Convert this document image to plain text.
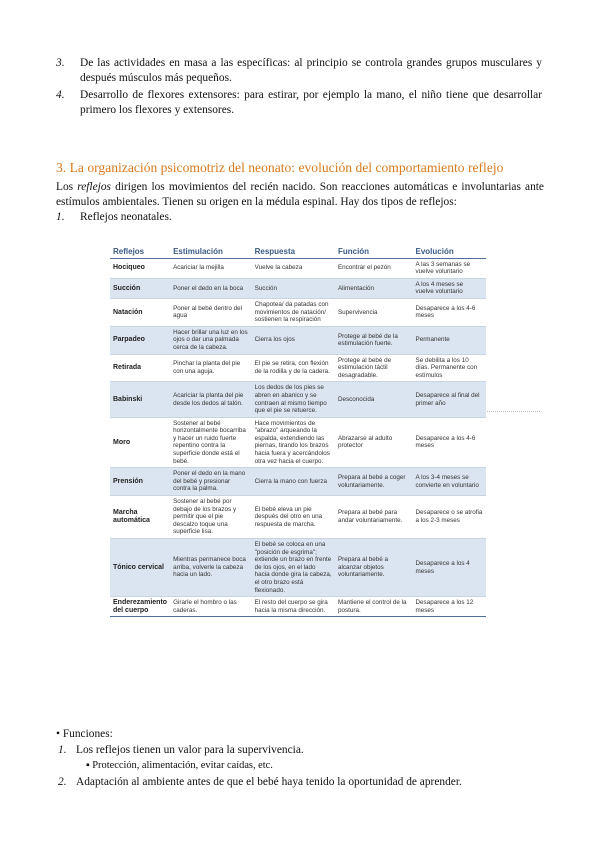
3. De las actividades en masa a las específicas: al principio se controla grandes grupos musculares y después músculos más pequeños.
4. Desarrollo de flexores extensores: para estirar, por ejemplo la mano, el niño tiene que desarrollar primero los flexores y extensores.
3. La organización psicomotriz del neonato: evolución del comportamiento reflejo
Los reflejos dirigen los movimientos del recién nacido. Son reacciones automáticas e involuntarias ante estímulos ambientales. Tienen su origen en la médula espinal. Hay dos tipos de reflejos:
1. Reflejos neonatales.
Reflejos	Estimulación	Respuesta	Función	Evolución
Hociqueo	Acariciar la mejilla	Vuelve la cabeza	Encontrar el pezón	A las 3 semanas se vuelve voluntario
Succión	Poner el dedo en la boca	Succión	Alimentación	A los 4 meses se vuelve voluntario
Natación	Poner al bebé dentro del agua	Chapotea/ da patadas con movimientos de natación/ sostienen la respiración	Supervivencia	Desaparece a los 4-6 meses
Parpadeo	Hacer brillar una luz en los ojos o dar una palmada cerca de la cabeza.	Cierra los ojos	Protege al bebé de la estimulación fuerte.	Permanente
Retirada	Pinchar la planta del pie con una aguja.	El pie se retira, con flexión de la rodilla y de la cadera.	Protege al bebé de estimulación táctil desagradable.	Se debilita a los 10 días. Permanente con estímulos
Babinski	Acariciar la planta del pie desde los dedos al talón.	Los dedos de los pies se abren en abanico y se contraen al mismo tiempo que el pie se retuerce.	Desconocida	Desaparece al final del primer año
Moro	Sostener al bebé horizontalmente bocarriba y hacer un ruido fuerte repentino contra la superficie donde está el bebé.	Hace movimientos de "abrazo" arqueando la espalda, extendiendo las piernas, tirando los brazos hacia fuera y acercándolos otra vez hacia el cuerpo.	Abrazarse al adulto protector	Desaparece a los 4-6 meses
Prensión	Poner el dedo en la mano del bebé y presionar contra la palma.	Cierra la mano con fuerza	Prepara al bebé a coger voluntariamente.	A los 3-4 meses se convierte en voluntario
Marcha automática	Sostener al bebé por debajo de los brazos y permitir que el pie descalzo toque una superficie lisa.	El bebé eleva un pie después del otro en una respuesta de marcha.	Prepara al bebé para andar voluntariamente.	Desaparece o se atrofia a los 2-3 meses
Tónico cervical	Mientras permanece boca arriba, volverle la cabeza hacia un lado.	El bebé se coloca en una "posición de esgrima"; extiende un brazo en frente de los ojos, en el lado hacia donde gira la cabeza, el otro brazo está flexionado.	Prepara al bebé a alcanzar objetos voluntariamente.	Desaparece a los 4 meses
Enderezamiento del cuerpo	Girarle el hombro o las caderas.	El resto del cuerpo se gira hacia la misma dirección.	Mantiene el control de la postura.	Desaparece a los 12 meses
• Funciones:
1. Los reflejos tienen un valor para la supervivencia.
▪ Protección, alimentación, evitar caídas, etc.
2. Adaptación al ambiente antes de que el bebé haya tenido la oportunidad de aprender.
